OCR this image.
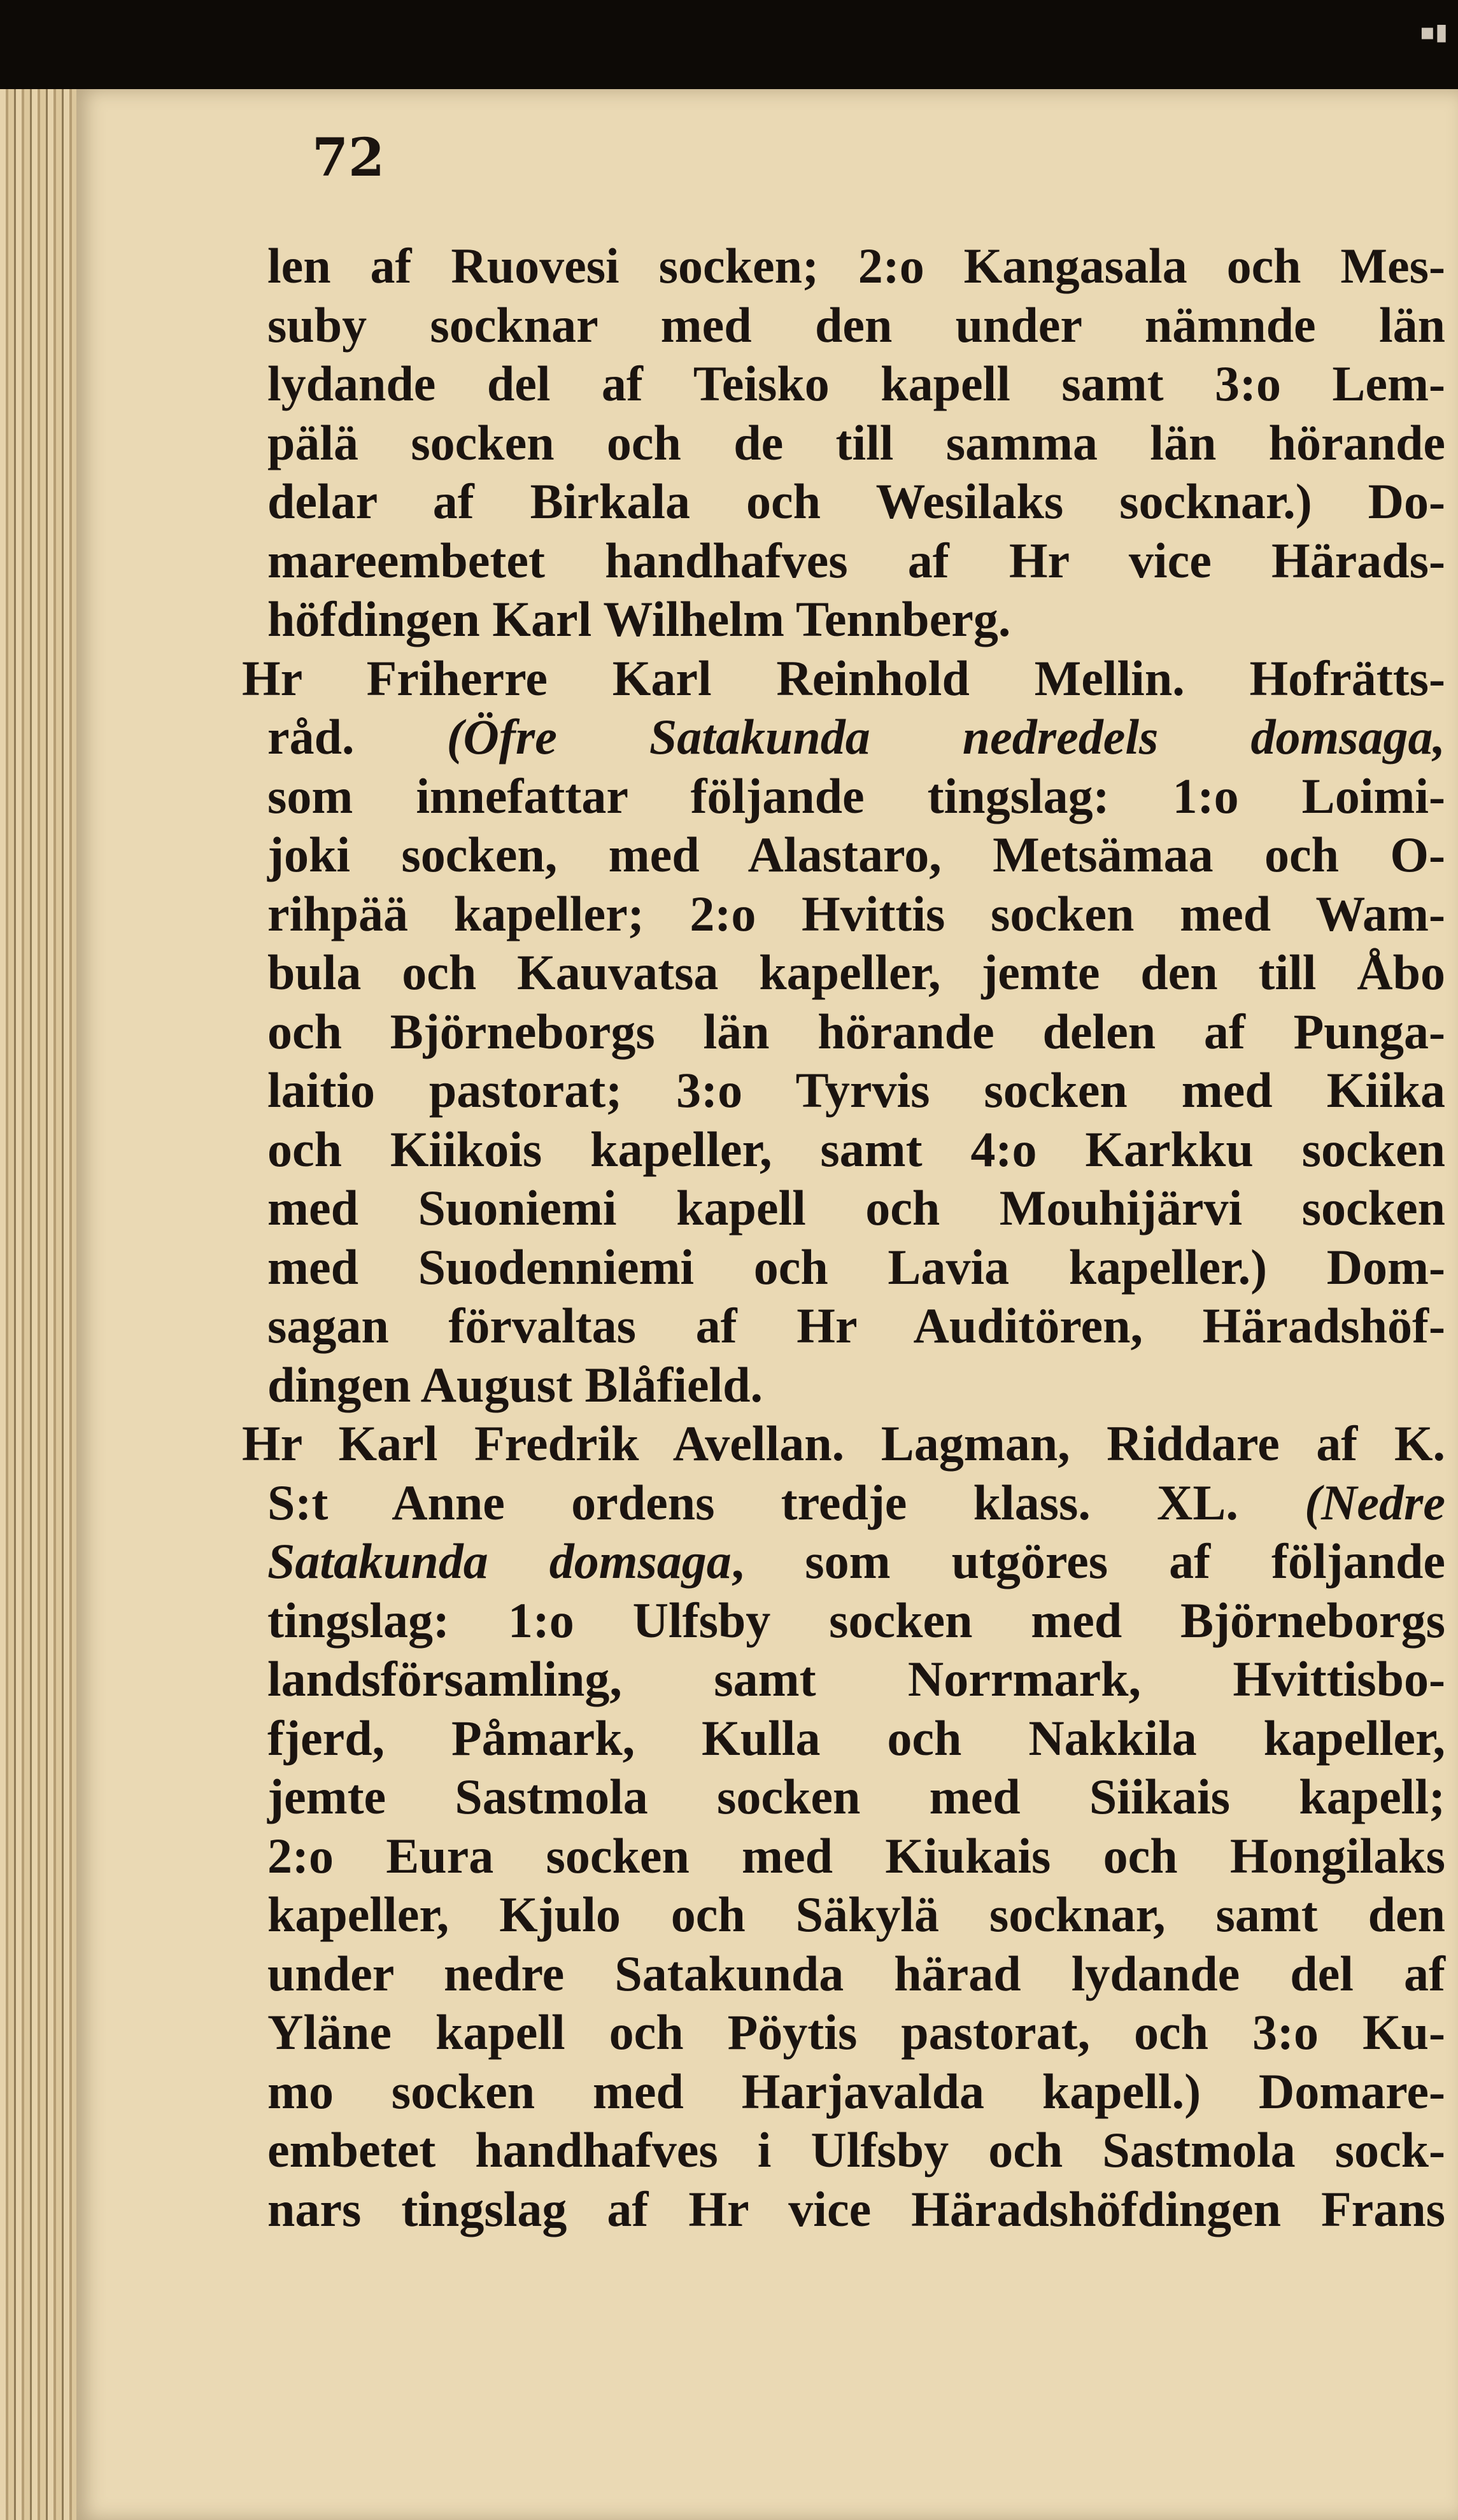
▪▮
72
len af Ruovesi socken; 2:o Kangasala och Mes-
suby socknar med den under nämnde län
lydande del af Teisko kapell samt 3:o Lem-
pälä socken och de till samma län hörande
delar af Birkala och Wesilaks socknar.) Do-
mareembetet handhafves af Hr vice Härads-
höfdingen Karl Wilhelm Tennberg.
Hr Friherre Karl Reinhold Mellin. Hofrätts-
råd. (Öfre Satakunda nedredels domsaga,
som innefattar följande tingslag: 1:o Loimi-
joki socken, med Alastaro, Metsämaa och O-
rihpää kapeller; 2:o Hvittis socken med Wam-
bula och Kauvatsa kapeller, jemte den till Åbo
och Björneborgs län hörande delen af Punga-
laitio pastorat; 3:o Tyrvis socken med Kiika
och Kiikois kapeller, samt 4:o Karkku socken
med Suoniemi kapell och Mouhijärvi socken
med Suodenniemi och Lavia kapeller.) Dom-
sagan förvaltas af Hr Auditören, Häradshöf-
dingen August Blåfield.
Hr Karl Fredrik Avellan. Lagman, Riddare af K.
S:t Anne ordens tredje klass. XL. (Nedre
Satakunda domsaga, som utgöres af följande
tingslag: 1:o Ulfsby socken med Björneborgs
landsförsamling, samt Norrmark, Hvittisbo-
fjerd, Påmark, Kulla och Nakkila kapeller,
jemte Sastmola socken med Siikais kapell;
2:o Eura socken med Kiukais och Hongilaks
kapeller, Kjulo och Säkylä socknar, samt den
under nedre Satakunda härad lydande del af
Yläne kapell och Pöytis pastorat, och 3:o Ku-
mo socken med Harjavalda kapell.) Domare-
embetet handhafves i Ulfsby och Sastmola sock-
nars tingslag af Hr vice Häradshöfdingen Frans
